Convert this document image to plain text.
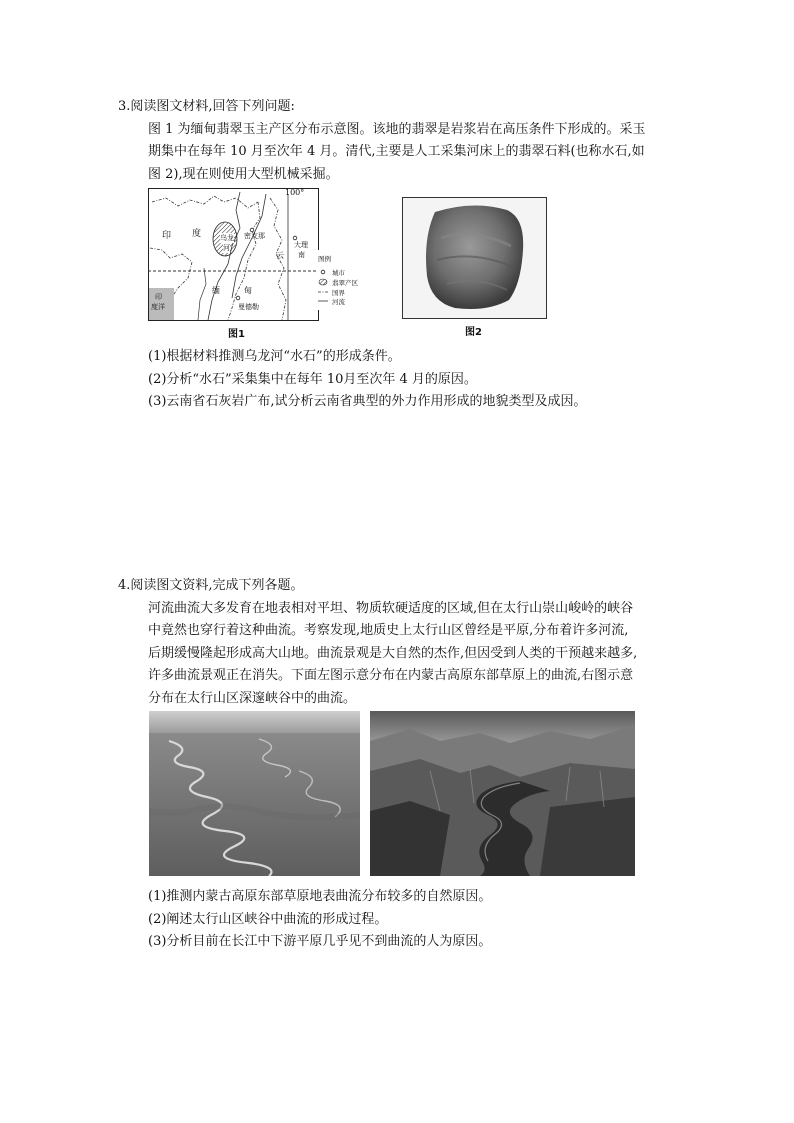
3.阅读图文材料,回答下列问题:

图 1 为缅甸翡翠玉主产区分布示意图。该地的翡翠是岩浆岩在高压条件下形成的。采玉

期集中在每年 10 月至次年 4 月。清代,主要是人工采集河床上的翡翠石料(也称水石,如

图 2),现在则使用大型机械采掘。

100°
印 度	乌龙
河
密支那
云
大理
南
缅	甸
曼德勒
印
度洋
图例
城市
翡翠产区
国界
河流
图1	图2

(1)根据材料推测乌龙河“水石”的形成条件。

(2)分析“水石”采集集中在每年 10月至次年 4 月的原因。

(3)云南省石灰岩广布,试分析云南省典型的外力作用形成的地貌类型及成因。

4.阅读图文资料,完成下列各题。

河流曲流大多发育在地表相对平坦、物质软硬适度的区域,但在太行山崇山峻岭的峡谷

中竟然也穿行着这种曲流。考察发现,地质史上太行山区曾经是平原,分布着许多河流,

后期缓慢隆起形成高大山地。曲流景观是大自然的杰作,但因受到人类的干预越来越多,

许多曲流景观正在消失。下面左图示意分布在内蒙古高原东部草原上的曲流,右图示意

分布在太行山区深邃峡谷中的曲流。

(1)推测内蒙古高原东部草原地表曲流分布较多的自然原因。

(2)阐述太行山区峡谷中曲流的形成过程。

(3)分析目前在长江中下游平原几乎见不到曲流的人为原因。
